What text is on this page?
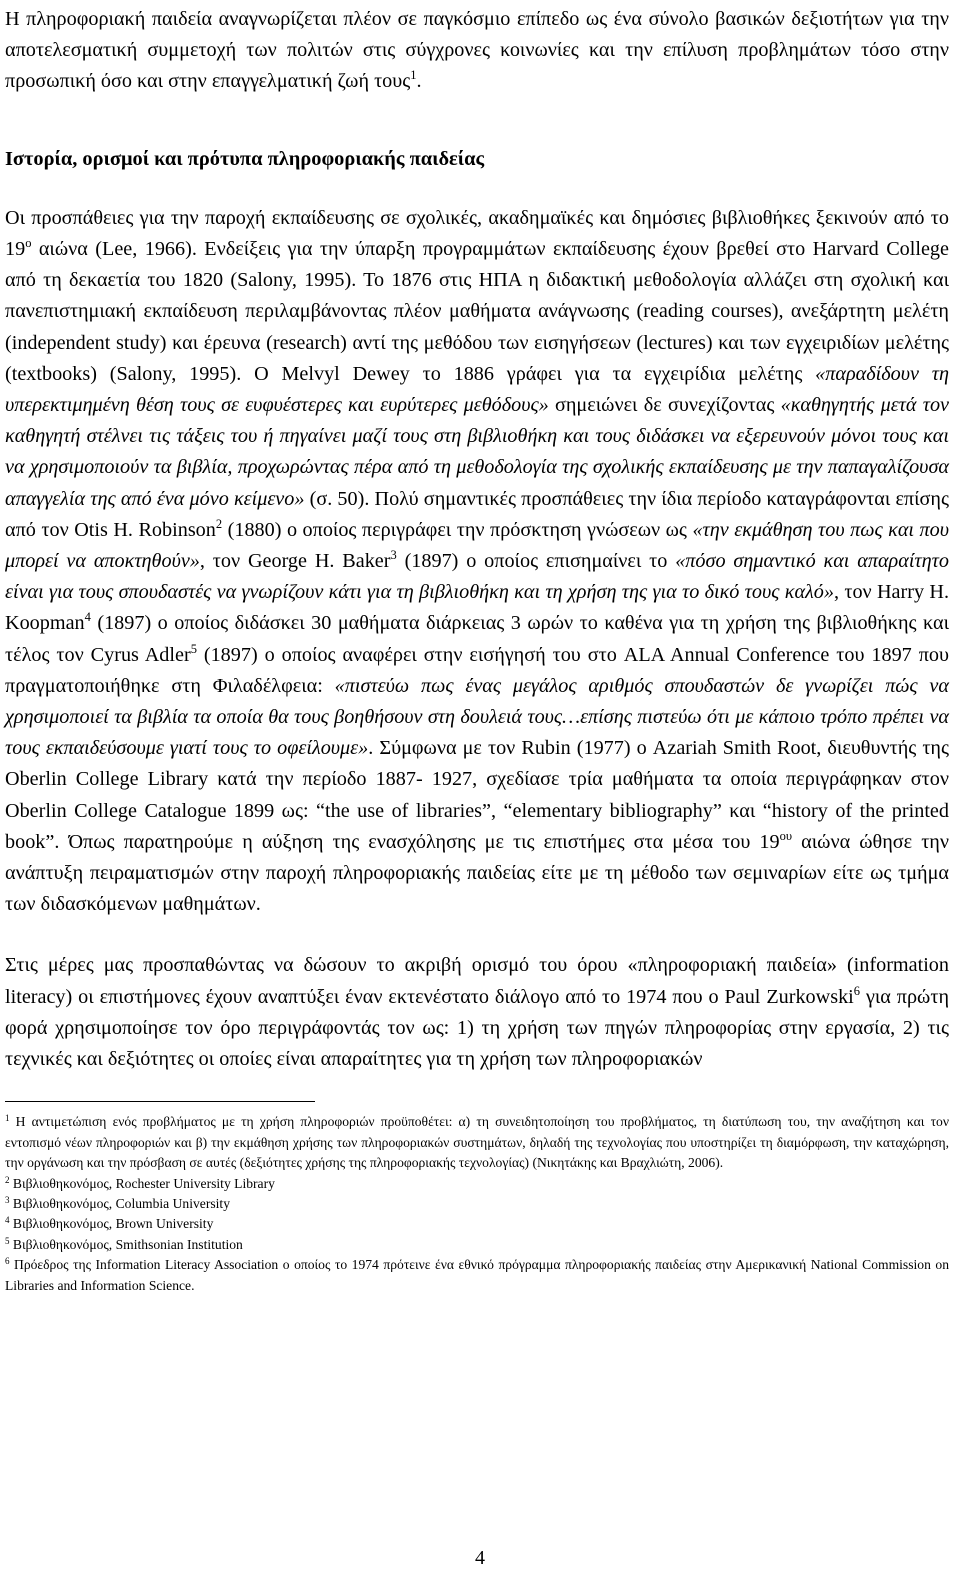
Η πληροφοριακή παιδεία αναγνωρίζεται πλέον σε παγκόσμιο επίπεδο ως ένα σύνολο βασικών δεξιοτήτων για την αποτελεσματική συμμετοχή των πολιτών στις σύγχρονες κοινωνίες και την επίλυση προβλημάτων τόσο στην προσωπική όσο και στην επαγγελματική ζωή τους$^1$.

Ιστορία, ορισμοί και πρότυπα πληροφοριακής παιδείας

Οι προσπάθειες για την παροχή εκπαίδευσης σε σχολικές, ακαδημαϊκές και δημόσιες βιβλιοθήκες ξεκινούν από το $19^o$ αιώνα (Lee, 1966). Ενδείξεις για την ύπαρξη προγραμμάτων εκπαίδευσης έχουν βρεθεί στο Harvard College από τη δεκαετία του 1820 (Salony, 1995). Το 1876 στις ΗΠΑ η διδακτική μεθοδολογία αλλάζει στη σχολική και πανεπιστημιακή εκπαίδευση περιλαμβάνοντας πλέον μαθήματα ανάγνωσης (reading courses), ανεξάρτητη μελέτη (independent study) και έρευνα (research) αντί της μεθόδου των εισηγήσεων (lectures) και των εγχειριδίων μελέτης (textbooks) (Salony, 1995). Ο Melvyl Dewey το 1886 γράφει για τα εγχειρίδια μελέτης «παραδίδουν τη υπερεκτιμημένη θέση τους σε ευφυέστερες και ευρύτερες μεθόδους» σημειώνει δε συνεχίζοντας «καθηγητής μετά τον καθηγητή στέλνει τις τάξεις του ή πηγαίνει μαζί τους στη βιβλιοθήκη και τους διδάσκει να εξερευνούν μόνοι τους και να χρησιμοποιούν τα βιβλία, προχωρώντας πέρα από τη μεθοδολογία της σχολικής εκπαίδευσης με την παπαγαλίζουσα απαγγελία της από ένα μόνο κείμενο» (σ. 50). Πολύ σημαντικές προσπάθειες την ίδια περίοδο καταγράφονται επίσης από τον Otis H. Robinson$^2$ (1880) ο οποίος περιγράφει την πρόσκτηση γνώσεων ως «την εκμάθηση του πως και που μπορεί να αποκτηθούν», τον George H. Baker$^3$ (1897) ο οποίος επισημαίνει το «πόσο σημαντικό και απαραίτητο είναι για τους σπουδαστές να γνωρίζουν κάτι για τη βιβλιοθήκη και τη χρήση της για το δικό τους καλό», τον Harry H. Koopman$^4$ (1897) ο οποίος διδάσκει 30 μαθήματα διάρκειας 3 ωρών το καθένα για τη χρήση της βιβλιοθήκης και τέλος τον Cyrus Adler$^5$ (1897) ο οποίος αναφέρει στην εισήγησή του στο ALA Annual Conference του 1897 που πραγματοποιήθηκε στη Φιλαδέλφεια: «πιστεύω πως ένας μεγάλος αριθμός σπουδαστών δε γνωρίζει πώς να χρησιμοποιεί τα βιβλία τα οποία θα τους βοηθήσουν στη δουλειά τους…επίσης πιστεύω ότι με κάποιο τρόπο πρέπει να τους εκπαιδεύσουμε γιατί τους το οφείλουμε». Σύμφωνα με τον Rubin (1977) ο Azariah Smith Root, διευθυντής της Oberlin College Library κατά την περίοδο 1887- 1927, σχεδίασε τρία μαθήματα τα οποία περιγράφηκαν στον Oberlin College Catalogue 1899 ως: “the use of libraries”, “elementary bibliography” και “history of the printed book”. Όπως παρατηρούμε η αύξηση της ενασχόλησης με τις επιστήμες στα μέσα του $19^{o\upsilon}$ αιώνα ώθησε την ανάπτυξη πειραματισμών στην παροχή πληροφοριακής παιδείας είτε με τη μέθοδο των σεμιναρίων είτε ως τμήμα των διδασκόμενων μαθημάτων.

Στις μέρες μας προσπαθώντας να δώσουν το ακριβή ορισμό του όρου «πληροφοριακή παιδεία» (information literacy) οι επιστήμονες έχουν αναπτύξει έναν εκτενέστατο διάλογο από το 1974 που ο Paul Zurkowski$^6$ για πρώτη φορά χρησιμοποίησε τον όρο περιγράφοντάς τον ως: 1) τη χρήση των πηγών πληροφορίας στην εργασία, 2) τις τεχνικές και δεξιότητες οι οποίες είναι απαραίτητες για τη χρήση των πληροφοριακών

$^1$ Η αντιμετώπιση ενός προβλήματος με τη χρήση πληροφοριών προϋποθέτει: α) τη συνειδητοποίηση του προβλήματος, τη διατύπωση του, την αναζήτηση και τον εντοπισμό νέων πληροφοριών και β) την εκμάθηση χρήσης των πληροφοριακών συστημάτων, δηλαδή της τεχνολογίας που υποστηρίζει τη διαμόρφωση, την καταχώρηση, την οργάνωση και την πρόσβαση σε αυτές (δεξιότητες χρήσης της πληροφοριακής τεχνολογίας) (Νικητάκης και Βραχλιώτη, 2006).

$^2$ Βιβλιοθηκονόμος, Rochester University Library

$^3$ Βιβλιοθηκονόμος, Columbia University

$^4$ Βιβλιοθηκονόμος, Brown University

$^5$ Βιβλιοθηκονόμος, Smithsonian Institution

$^6$ Πρόεδρος της Information Literacy Association ο οποίος το 1974 πρότεινε ένα εθνικό πρόγραμμα πληροφοριακής παιδείας στην Αμερικανική National Commission on Libraries and Information Science.

4
